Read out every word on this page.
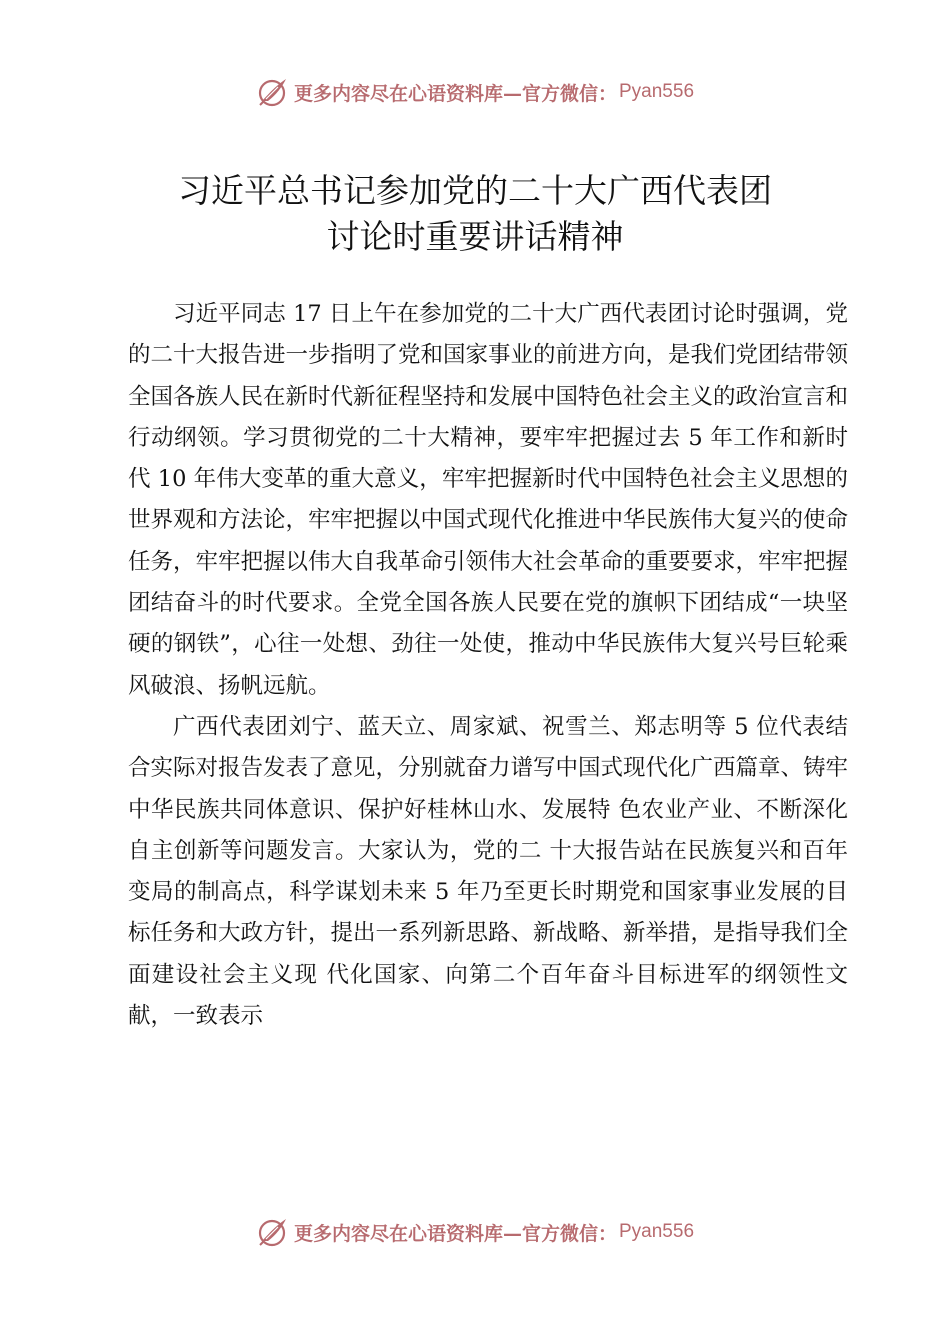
更多内容尽在心语资料库—官方微信： Pyan556
习近平总书记参加党的二十大广西代表团
讨论时重要讲话精神

习近平同志 17 日上午在参加党的二十大广西代表团讨论时强调，党的二十大报告进一步指明了党和国家事业的前进方向，是我们党团结带领全国各族人民在新时代新征程坚持和发展中国特色社会主义的政治宣言和行动纲领。学习贯彻党的二十大精神，要牢牢把握过去 5 年工作和新时代 10 年伟大变革的重大意义，牢牢把握新时代中国特色社会主义思想的世界观和方法论，牢牢把握以中国式现代化推进中华民族伟大复兴的使命任务，牢牢把握以伟大自我革命引领伟大社会革命的重要要求，牢牢把握团结奋斗的时代要求。全党全国各族人民要在党的旗帜下团结成“一块坚硬的钢铁”，心往一处想、劲往一处使，推动中华民族伟大复兴号巨轮乘风破浪、扬帆远航。

广西代表团刘宁、蓝天立、周家斌、祝雪兰、郑志明等 5 位代表结合实际对报告发表了意见，分别就奋力谱写中国式现代化广西篇章、铸牢中华民族共同体意识、保护好桂林山水、发展特 色农业产业、不断深化自主创新等问题发言。大家认为，党的二 十大报告站在民族复兴和百年变局的制高点，科学谋划未来 5 年乃至更长时期党和国家事业发展的目标任务和大政方针，提出一系列新思路、新战略、新举措，是指导我们全面建设社会主义现 代化国家、向第二个百年奋斗目标进军的纲领性文献，一致表示

更多内容尽在心语资料库—官方微信： Pyan556
